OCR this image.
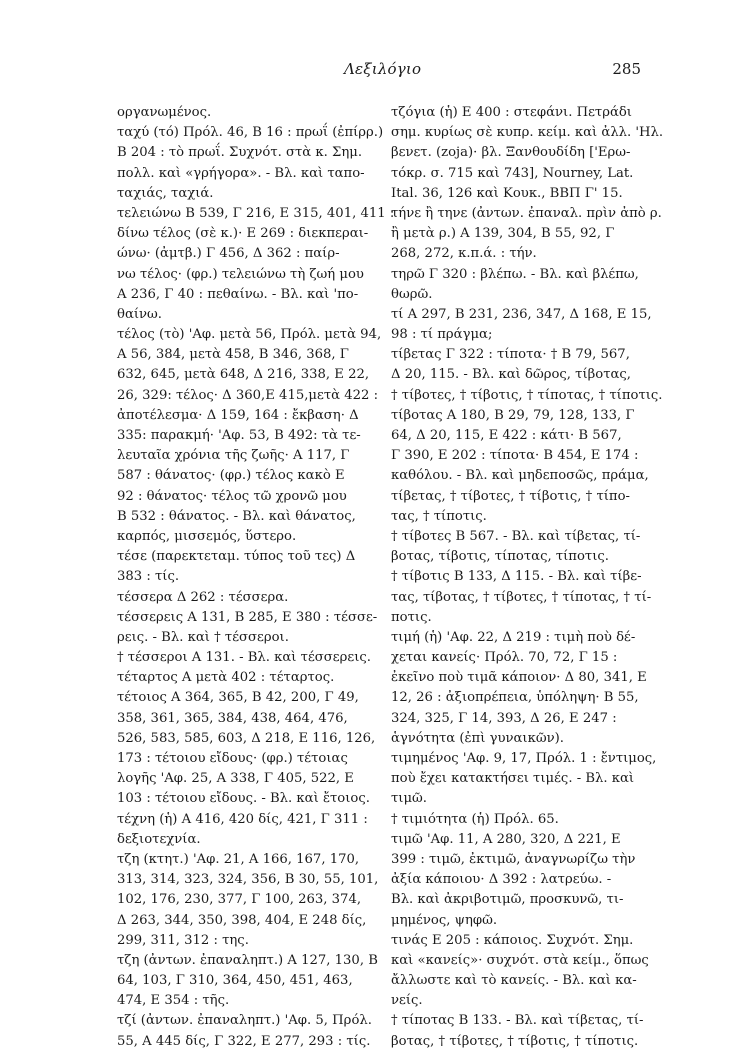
Λεξιλόγιο	285
οργανωμένος.
ταχύ (τό) Πρόλ. 46, Β 16 : πρωΐ (ἐπίρρ.)
Β 204 : τὸ πρωΐ. Συχνότ. στὰ κ. Σημ.
πολλ. καὶ «γρήγορα». - Βλ. καὶ ταπο-
ταχιάς, ταχιά.
τελειώνω Β 539, Γ 216, Ε 315, 401, 411 :
δίνω τέλος (σὲ κ.)· Ε 269 : διεκπεραι-
ώνω· (ἀμτβ.) Γ 456, Δ 362 : παίρ-
νω τέλος· (φρ.) τελειώνω τὴ ζωή μου
Α 236, Γ 40 : πεθαίνω. - Βλ. καὶ 'πο-
θαίνω.
τέλος (τὸ) 'Αφ. μετὰ 56, Πρόλ. μετὰ 94,
Α 56, 384, μετὰ 458, Β 346, 368, Γ
632, 645, μετὰ 648, Δ 216, 338, Ε 22,
26, 329: τέλος· Δ 360,Ε 415,μετὰ 422 :
ἀποτέλεσμα· Δ 159, 164 : ἔκβαση· Δ
335: παρακμή· 'Αφ. 53, Β 492: τὰ τε-
λευταῖα χρόνια τῆς ζωῆς· Α 117, Γ
587 : θάνατος· (φρ.) τέλος κακὸ Ε
92 : θάνατος· τέλος τῶ χρονῶ μου
Β 532 : θάνατος. - Βλ. καὶ θάνατος,
καρπός, μισσεμός, ὕστερο.
τέσε (παρεκτεταμ. τύπος τοῦ τες) Δ
383 : τίς.
τέσσερα Δ 262 : τέσσερα.
τέσσερεις Α 131, Β 285, Ε 380 : τέσσε-
ρεις. - Βλ. καὶ † τέσσεροι.
† τέσσεροι Α 131. - Βλ. καὶ τέσσερεις.
τέταρτος Α μετὰ 402 : τέταρτος.
τέτοιος Α 364, 365, Β 42, 200, Γ 49,
358, 361, 365, 384, 438, 464, 476,
526, 583, 585, 603, Δ 218, Ε 116, 126,
173 : τέτοιου εἴδους· (φρ.) τέτοιας
λογῆς 'Αφ. 25, Α 338, Γ 405, 522, Ε
103 : τέτοιου εἴδους. - Βλ. καὶ ἔτοιος.
τέχνη (ἡ) Α 416, 420 δίς, 421, Γ 311 :
δεξιοτεχνία.
τζη (κτητ.) 'Αφ. 21, Α 166, 167, 170,
313, 314, 323, 324, 356, Β 30, 55, 101,
102, 176, 230, 377, Γ 100, 263, 374,
Δ 263, 344, 350, 398, 404, Ε 248 δίς,
299, 311, 312 : της.
τζη (ἀντων. ἐπαναληπτ.) Α 127, 130, Β
64, 103, Γ 310, 364, 450, 451, 463,
474, Ε 354 : τῆς.
τζί (ἀντων. ἐπαναληπτ.) 'Αφ. 5, Πρόλ.
55, Α 445 δίς, Γ 322, Ε 277, 293 : τίς.
τζόγια (ἡ) Ε 400 : στεφάνι. Πετράδι
σημ. κυρίως σὲ κυπρ. κείμ. καὶ ἀλλ. 'Ηλ.
βενετ. (zoja)· βλ. Ξανθουδίδη ['Ερω-
τόκρ. σ. 715 καὶ 743], Nourney, Lat.
Ital. 36, 126 καὶ Κουκ., ΒΒΠ Γ' 15.
τήνε ἢ τηνε (ἀντων. ἐπαναλ. πρὶν ἀπὸ ρ.
ἢ μετὰ ρ.) Α 139, 304, Β 55, 92, Γ
268, 272, κ.π.ά. : τήν.
τηρῶ Γ 320 : βλέπω. - Βλ. καὶ βλέπω,
θωρῶ.
τί Α 297, Β 231, 236, 347, Δ 168, Ε 15,
98 : τί πράγμα;
τίβετας Γ 322 : τίποτα· † Β 79, 567,
Δ 20, 115. - Βλ. καὶ δῶρος, τίβοτας,
† τίβοτες, † τίβοτις, † τίποτας, † τίποτις.
τίβοτας Α 180, Β 29, 79, 128, 133, Γ
64, Δ 20, 115, Ε 422 : κάτι· Β 567,
Γ 390, Ε 202 : τίποτα· Β 454, Ε 174 :
καθόλου. - Βλ. καὶ μηδεποσῶς, πράμα,
τίβετας, † τίβοτες, † τίβοτις, † τίπο-
τας, † τίποτις.
† τίβοτες Β 567. - Βλ. καὶ τίβετας, τί-
βοτας, τίβοτις, τίποτας, τίποτις.
† τίβοτις Β 133, Δ 115. - Βλ. καὶ τίβε-
τας, τίβοτας, † τίβοτες, † τίποτας, † τί-
ποτις.
τιμή (ἡ) 'Αφ. 22, Δ 219 : τιμὴ ποὺ δέ-
χεται κανείς· Πρόλ. 70, 72, Γ 15 :
ἐκεῖνο ποὺ τιμᾶ κάποιον· Δ 80, 341, Ε
12, 26 : ἀξιοπρέπεια, ὑπόληψη· Β 55,
324, 325, Γ 14, 393, Δ 26, Ε 247 :
ἁγνότητα (ἐπὶ γυναικῶν).
τιμημένος 'Αφ. 9, 17, Πρόλ. 1 : ἔντιμος,
ποὺ ἔχει κατακτήσει τιμές. - Βλ. καὶ
τιμῶ.
† τιμιότητα (ἡ) Πρόλ. 65.
τιμῶ 'Αφ. 11, Α 280, 320, Δ 221, Ε
399 : τιμῶ, ἐκτιμῶ, ἀναγνωρίζω τὴν
ἀξία κάποιου· Δ 392 : λατρεύω. -
Βλ. καὶ ἀκριβοτιμῶ, προσκυνῶ, τι-
μημένος, ψηφῶ.
τινάς Ε 205 : κάποιος. Συχνότ. Σημ.
καὶ «κανείς»· συχνότ. στὰ κείμ., ὅπως
ἄλλωστε καὶ τὸ κανείς. - Βλ. καὶ κα-
νείς.
† τίποτας Β 133. - Βλ. καὶ τίβετας, τί-
βοτας, † τίβοτες, † τίβοτις, † τίποτις.
